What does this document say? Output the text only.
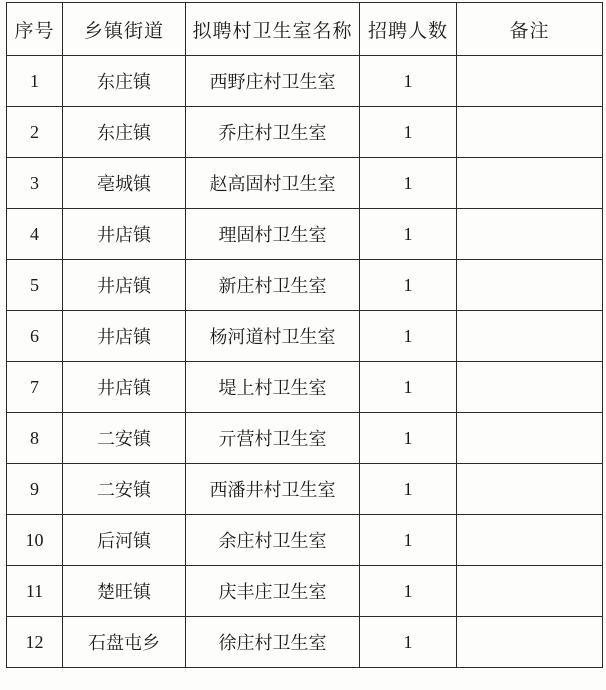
序号	乡镇街道	拟聘村卫生室名称	招聘人数	备注
1	东庄镇	西野庄村卫生室	1	
2	东庄镇	乔庄村卫生室	1	
3	亳城镇	赵高固村卫生室	1	
4	井店镇	理固村卫生室	1	
5	井店镇	新庄村卫生室	1	
6	井店镇	杨河道村卫生室	1	
7	井店镇	堤上村卫生室	1	
8	二安镇	亓营村卫生室	1	
9	二安镇	西潘井村卫生室	1	
10	后河镇	余庄村卫生室	1	
11	楚旺镇	庆丰庄卫生室	1	
12	石盘屯乡	徐庄村卫生室	1	
